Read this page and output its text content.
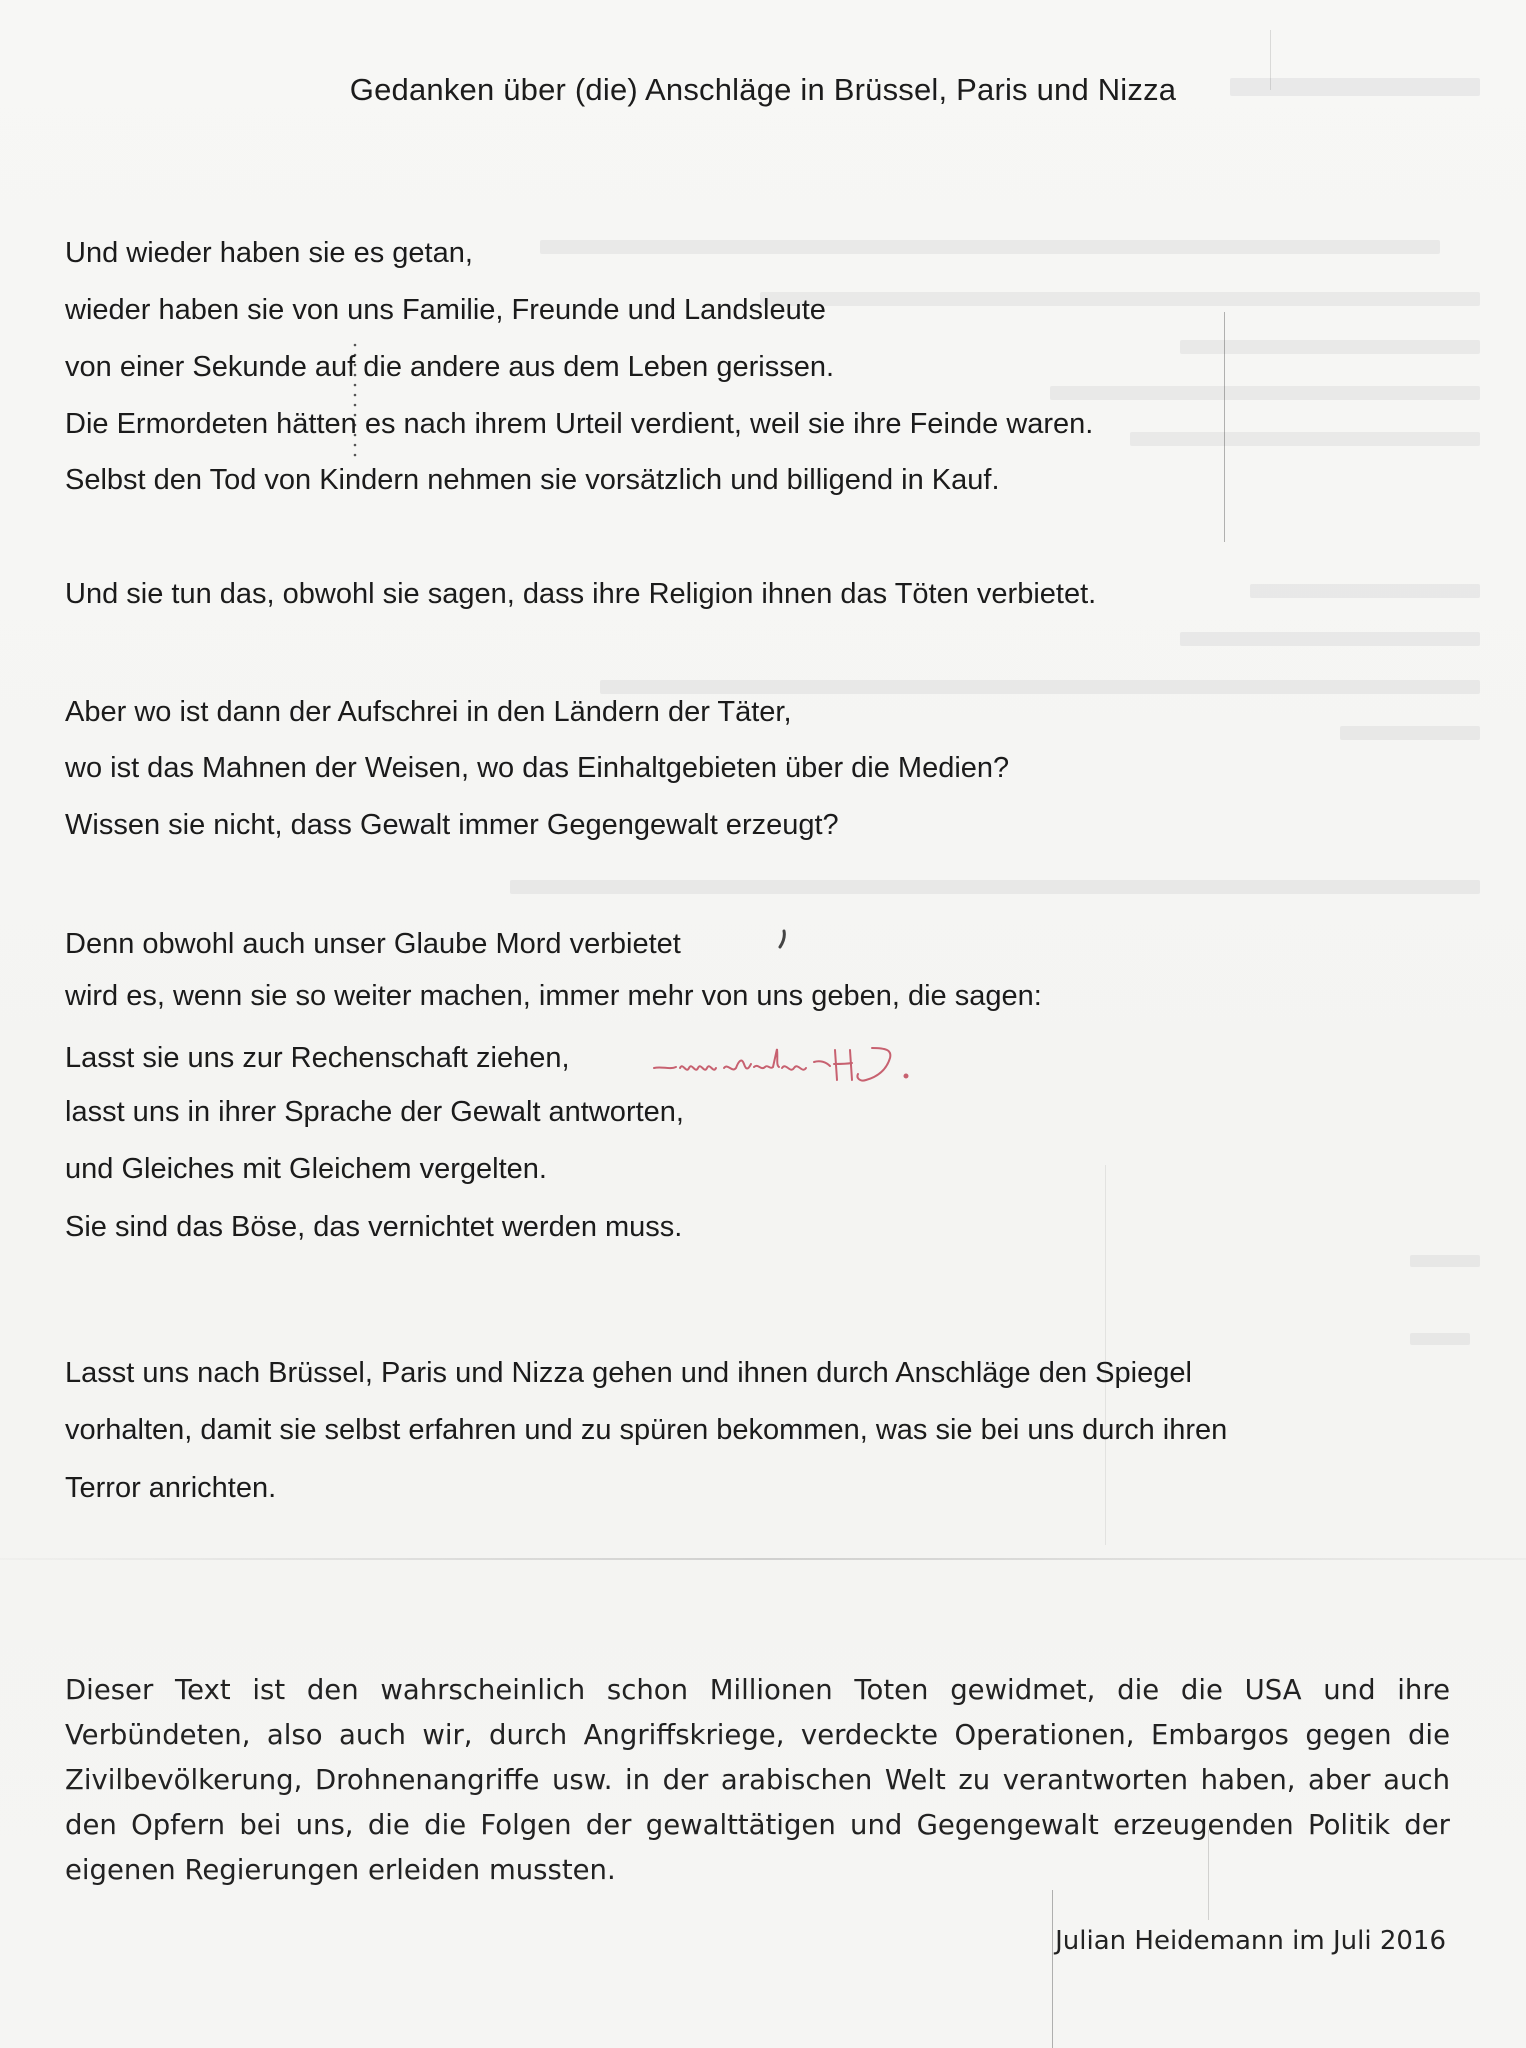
Gedanken über (die) Anschläge in Brüssel, Paris und Nizza
Und wieder haben sie es getan,
wieder haben sie von uns Familie, Freunde und Landsleute
von einer Sekunde auf die andere aus dem Leben gerissen.
Die Ermordeten hätten es nach ihrem Urteil verdient, weil sie ihre Feinde waren.
Selbst den Tod von Kindern nehmen sie vorsätzlich und billigend in Kauf.
Und sie tun das, obwohl sie sagen, dass ihre Religion ihnen das Töten verbietet.
Aber wo ist dann der Aufschrei in den Ländern der Täter,
wo ist das Mahnen der Weisen, wo das Einhaltgebieten über die Medien?
Wissen sie nicht, dass Gewalt immer Gegengewalt erzeugt?
Denn obwohl auch unser Glaube Mord verbietet
wird es, wenn sie so weiter machen, immer mehr von uns geben, die sagen:
Lasst sie uns zur Rechenschaft ziehen,
lasst uns in ihrer Sprache der Gewalt antworten,
und Gleiches mit Gleichem vergelten.
Sie sind das Böse, das vernichtet werden muss.
Lasst uns nach Brüssel, Paris und Nizza gehen und ihnen durch Anschläge den Spiegel
vorhalten, damit sie selbst erfahren und zu spüren bekommen, was sie bei uns durch ihren
Terror anrichten.
Dieser Text ist den wahrscheinlich schon Millionen Toten gewidmet, die die USA und ihre
Verbündeten, also auch wir, durch Angriffskriege, verdeckte Operationen, Embargos gegen die
Zivilbevölkerung, Drohnenangriffe usw. in der arabischen Welt zu verantworten haben, aber auch
den Opfern bei uns, die die Folgen der gewalttätigen und Gegengewalt erzeugenden Politik der
eigenen Regierungen erleiden mussten.
Julian Heidemann im Juli 2016
